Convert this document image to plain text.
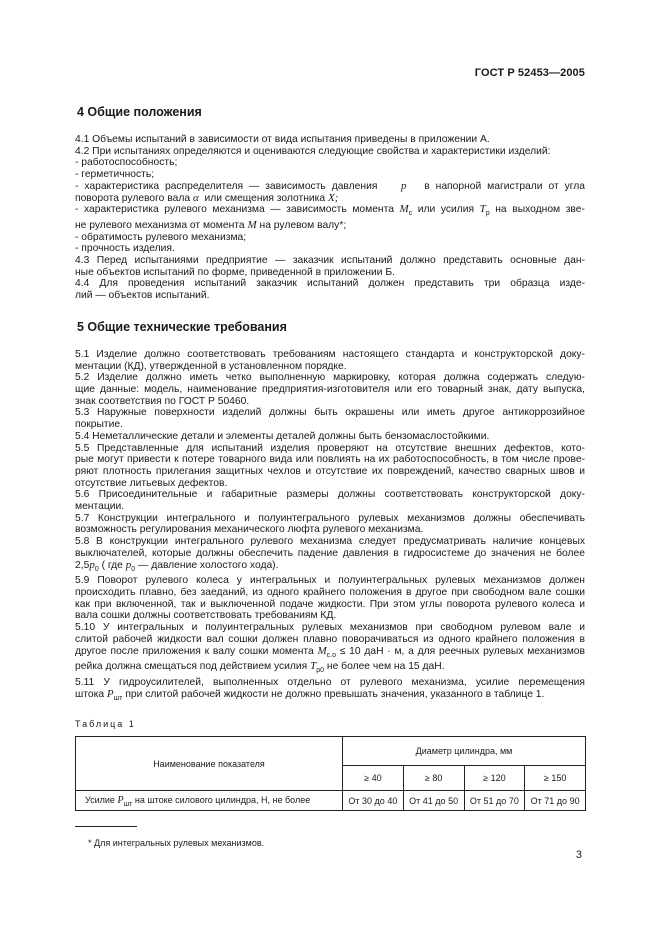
ГОСТ Р 52453—2005
4 Общие положения

4.1 Объемы испытаний в зависимости от вида испытания приведены в приложении А.

4.2 При испытаниях определяются и оцениваются следующие свойства и характеристики изделий:

- работоспособность;

- герметичность;

- характеристика распределителя — зависимость давления p в напорной магистрали от угла

поворота рулевого вала α или смещения золотника X;

- характеристика рулевого механизма — зависимость момента $M_с$ или усилия $T_р$ на выходном зве-

не рулевого механизма от момента M на рулевом валу*;

- обратимость рулевого механизма;

- прочность изделия.

4.3 Перед испытаниями предприятие — заказчик испытаний должно представить основные дан-

ные объектов испытаний по форме, приведенной в приложении Б.

4.4 Для проведения испытаний заказчик испытаний должен представить три образца изде-

лий — объектов испытаний.

5 Общие технические требования

5.1 Изделие должно соответствовать требованиям настоящего стандарта и конструкторской доку-

ментации (КД), утвержденной в установленном порядке.

5.2 Изделие должно иметь четко выполненную маркировку, которая должна содержать следую-

щие данные: модель, наименование предприятия-изготовителя или его товарный знак, дату выпуска,

знак соответствия по ГОСТ Р 50460.

5.3 Наружные поверхности изделий должны быть окрашены или иметь другое антикоррозийное

покрытие.

5.4 Неметаллические детали и элементы деталей должны быть бензомаслостойкими.

5.5 Представленные для испытаний изделия проверяют на отсутствие внешних дефектов, кото-

рые могут привести к потере товарного вида или повлиять на их работоспособность, в том числе прове-

ряют плотность прилегания защитных чехлов и отсутствие их повреждений, качество сварных швов и

отсутствие литьевых дефектов.

5.6 Присоединительные и габаритные размеры должны соответствовать конструкторской доку-

ментации.

5.7 Конструкции интегрального и полуинтегрального рулевых механизмов должны обеспечивать

возможность регулирования механического люфта рулевого механизма.

5.8 В конструкции интегрального рулевого механизма следует предусматривать наличие концевых

выключателей, которые должны обеспечить падение давления в гидросистеме до значения не более

$2,5p_0$ ( где $p_0$ — давление холостого хода).

5.9 Поворот рулевого колеса у интегральных и полуинтегральных рулевых механизмов должен

происходить плавно, без заеданий, из одного крайнего положения в другое при свободном вале сошки

как при включенной, так и выключенной подаче жидкости. При этом углы поворота рулевого колеса и

вала сошки должны соответствовать требованиям КД.

5.10 У интегральных и полуинтегральных рулевых механизмов при свободном рулевом вале и

слитой рабочей жидкости вал сошки должен плавно поворачиваться из одного крайнего положения в

другое после приложения к валу сошки момента $M_{с.о} \le 10$ даН · м, а для реечных рулевых механизмов

рейка должна смещаться под действием усилия $T_{р0}$ не более чем на 15 даН.

5.11 У гидроусилителей, выполненных отдельно от рулевого механизма, усилие перемещения

штока $P_{шт}$ при слитой рабочей жидкости не должно превышать значения, указанного в таблице 1.

Таблица 1

Наименование показателя	Диаметр цилиндра, мм			
	≥ 40	≥ 80	≥ 120	≥ 150
Усилие $P_{шт}$ на штоке силового цилиндра, Н, не более	От 30 до 40	От 41 до 50	От 51 до 70	От 71 до 90
* Для интегральных рулевых механизмов.
3
